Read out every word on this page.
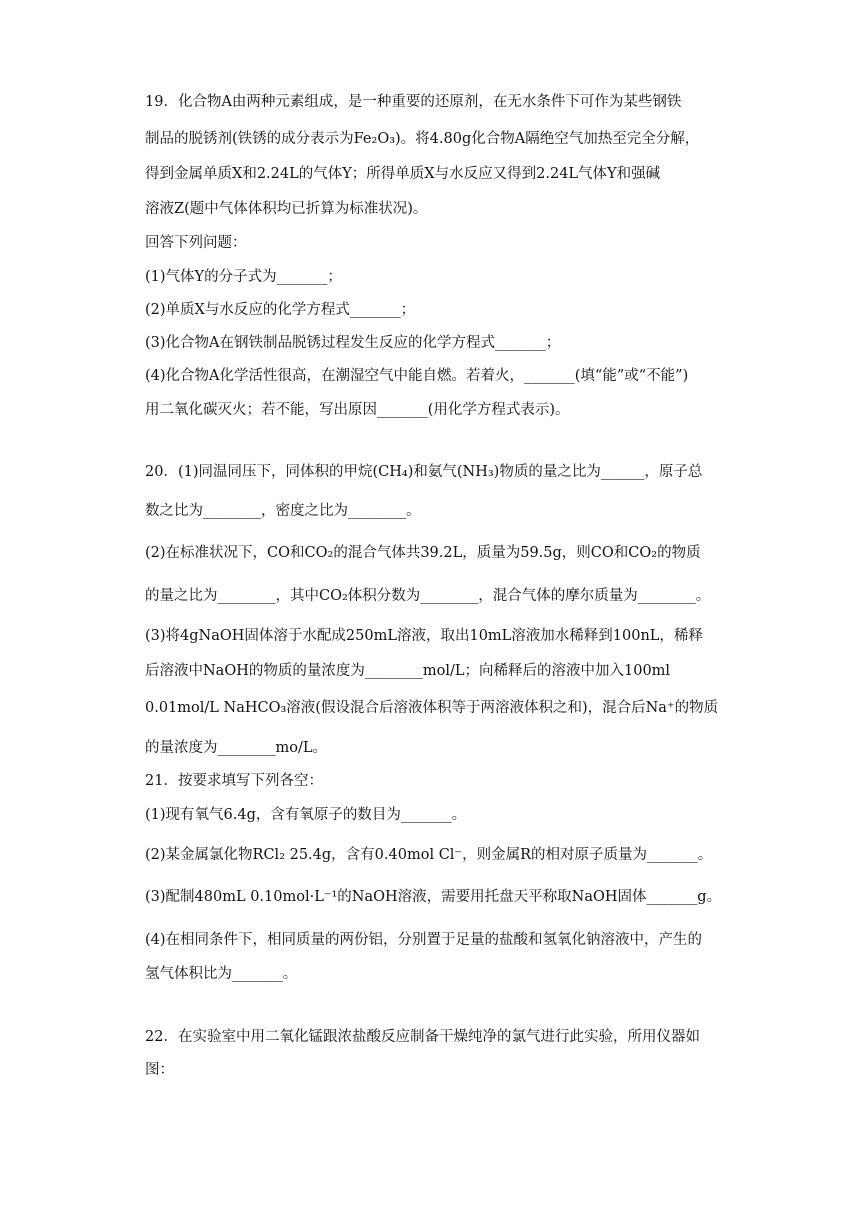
19．化合物A由两种元素组成，是一种重要的还原剂，在无水条件下可作为某些钢铁
制品的脱锈剂(铁锈的成分表示为Fe₂O₃)。将4.80g化合物A隔绝空气加热至完全分解，
得到金属单质X和2.24L的气体Y；所得单质X与水反应又得到2.24L气体Y和强碱
溶液Z(题中气体体积均已折算为标准状况)。
回答下列问题：
(1)气体Y的分子式为_______；
(2)单质X与水反应的化学方程式_______；
(3)化合物A在钢铁制品脱锈过程发生反应的化学方程式_______；
(4)化合物A化学活性很高，在潮湿空气中能自燃。若着火，_______(填“能”或“不能”)
用二氧化碳灭火；若不能，写出原因_______(用化学方程式表示)。
20．(1)同温同压下，同体积的甲烷(CH₄)和氨气(NH₃)物质的量之比为______，原子总
数之比为________，密度之比为________。
(2)在标准状况下，CO和CO₂的混合气体共39.2L，质量为59.5g，则CO和CO₂的物质
的量之比为________，其中CO₂体积分数为________，混合气体的摩尔质量为________。
(3)将4gNaOH固体溶于水配成250mL溶液，取出10mL溶液加水稀释到100nL，稀释
后溶液中NaOH的物质的量浓度为________mol/L；向稀释后的溶液中加入100ml
0.01mol/L NaHCO₃溶液(假设混合后溶液体积等于两溶液体积之和)，混合后Na⁺的物质
的量浓度为________mo/L。
21．按要求填写下列各空：
(1)现有氧气6.4g，含有氧原子的数目为_______。
(2)某金属氯化物RCl₂ 25.4g，含有0.40mol Cl⁻，则金属R的相对原子质量为_______。
(3)配制480mL 0.10mol·L⁻¹的NaOH溶液，需要用托盘天平称取NaOH固体_______g。
(4)在相同条件下，相同质量的两份铝，分别置于足量的盐酸和氢氧化钠溶液中，产生的
氢气体积比为_______。
22．在实验室中用二氧化锰跟浓盐酸反应制备干燥纯净的氯气进行此实验，所用仪器如
图：
